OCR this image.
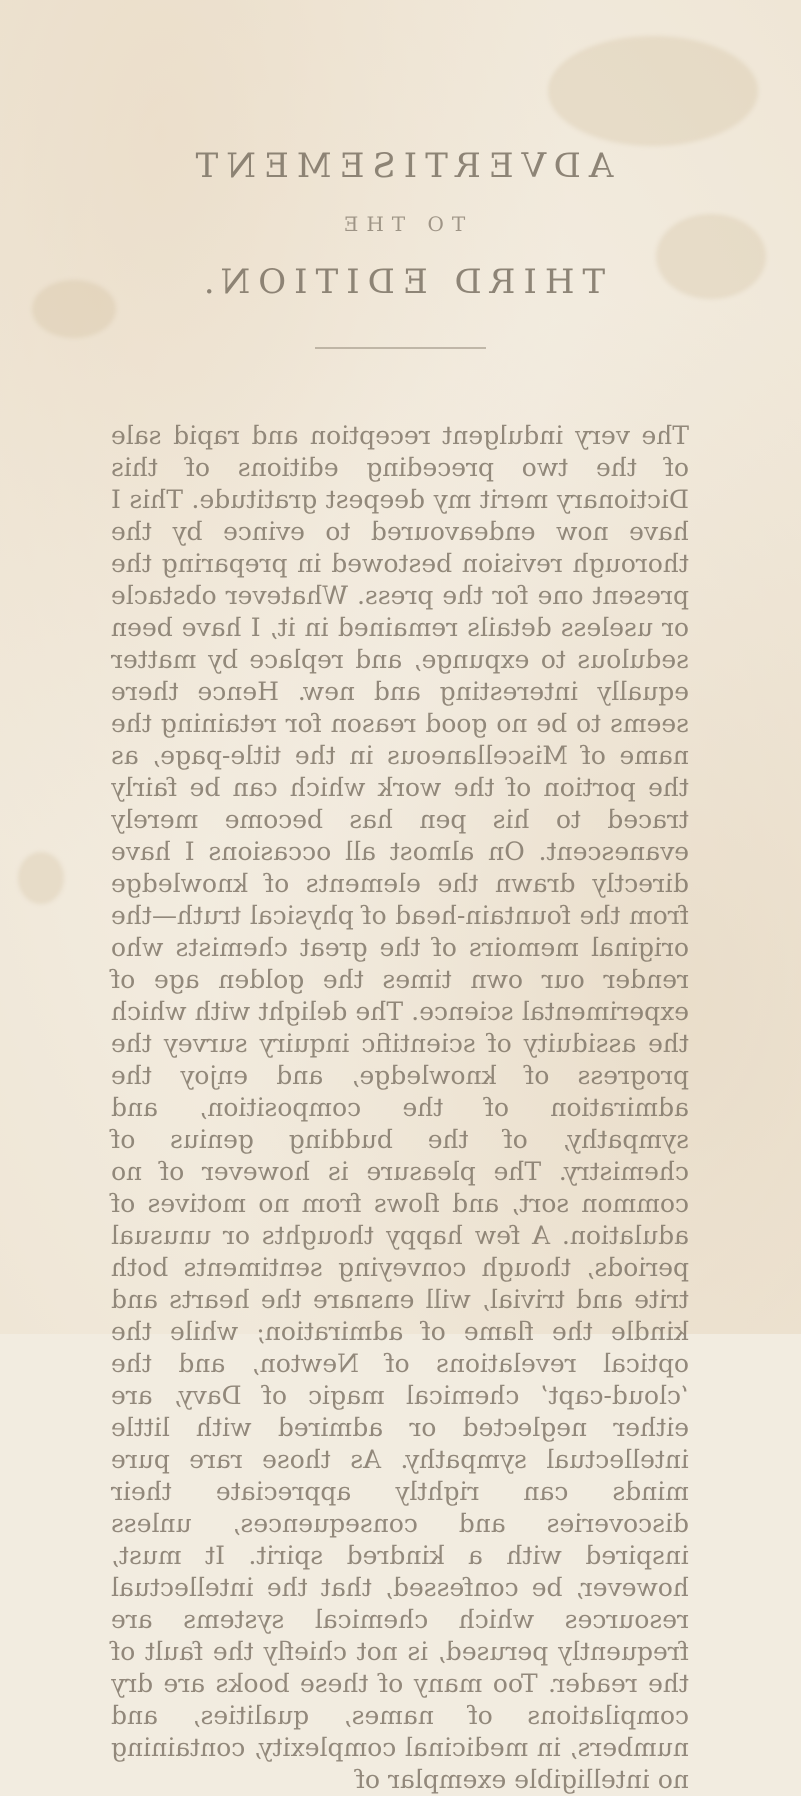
ADVERTISEMENT
TO THE
THIRD EDITION.
The very indulgent reception and rapid sale of the two preceding editions of this Dictionary merit my deepest gratitude. This I have now endeavoured to evince by the thorough revision bestowed in preparing the present one for the press. Whatever obstacle or useless details remained in it, I have been sedulous to expunge, and replace by matter equally interesting and new. Hence there seems to be no good reason for retaining the name of Miscellaneous in the title-page, as the portion of the work which can be fairly traced to his pen has become merely evanescent. On almost all occasions I have directly drawn the elements of knowledge from the fountain-head of physical truth—the original memoirs of the great chemists who render our own times the golden age of experimental science. The delight with which the assiduity of scientific inquiry survey the progress of knowledge, and enjoy the admiration of the composition, and sympathy, of the budding genius of chemistry. The pleasure is however of no common sort, and flows from no motives of adulation. A few happy thoughts or unusual periods, though conveying sentiments both trite and trivial, will ensnare the hearts and kindle the flame of admiration; while the optical revelations of Newton, and the ‘cloud-capt’ chemical magic of Davy, are either neglected or admired with little intellectual sympathy. As those rare pure minds can rightly appreciate their discoveries and consequences, unless inspired with a kindred spirit. It must, however, be confessed, that the intellectual resources which chemical systems are frequently perused, is not chiefly the fault of the reader. Too many of these books are dry compilations of names, qualities, and numbers, in medicinal complexity, containing no intelligible exemplar of
